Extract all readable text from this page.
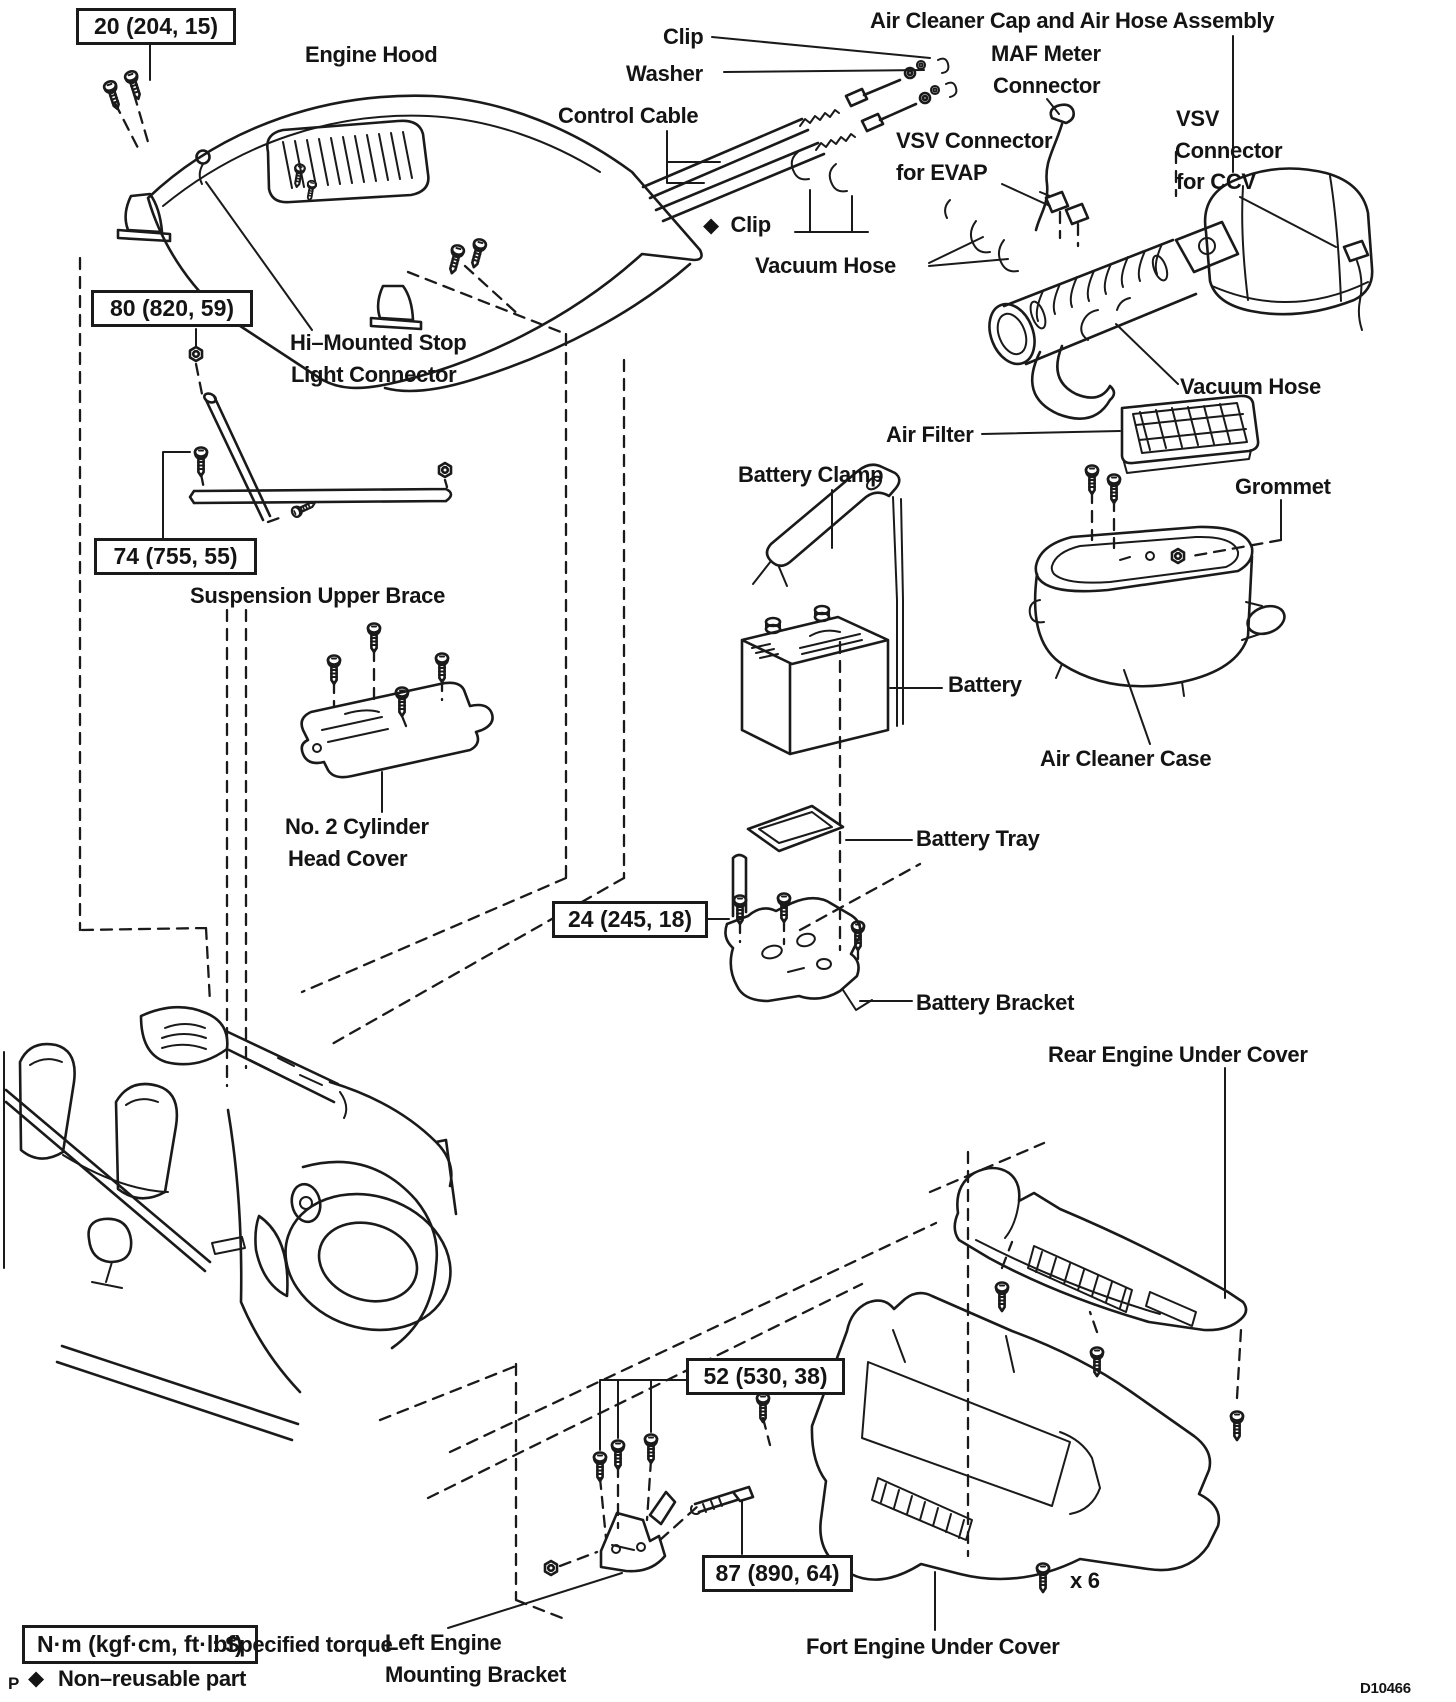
20 (204, 15)
80 (820, 59)
74 (755, 55)
24 (245, 18)
52 (530, 38)
87 (890, 64)
Engine Hood
Clip
Washer
Control Cable
Air Cleaner Cap and Air Hose Assembly
MAF Meter
Connector
VSV Connector
for EVAP
VSV
Connector
for CCV
◆ Clip
Vacuum Hose
Vacuum Hose
Air Filter
Battery Clamp	Grommet
Hi–Mounted Stop
Light Connector
Suspension Upper Brace
No. 2 Cylinder
Head Cover
Battery
Air Cleaner Case
Battery Tray
Battery Bracket
Rear Engine Under Cover
Left Engine
Mounting Bracket
Fort Engine Under Cover
x 6
N·m (kgf·cm, ft·lbf)
: Specified torque
P ◆ Non–reusable part	D10466
